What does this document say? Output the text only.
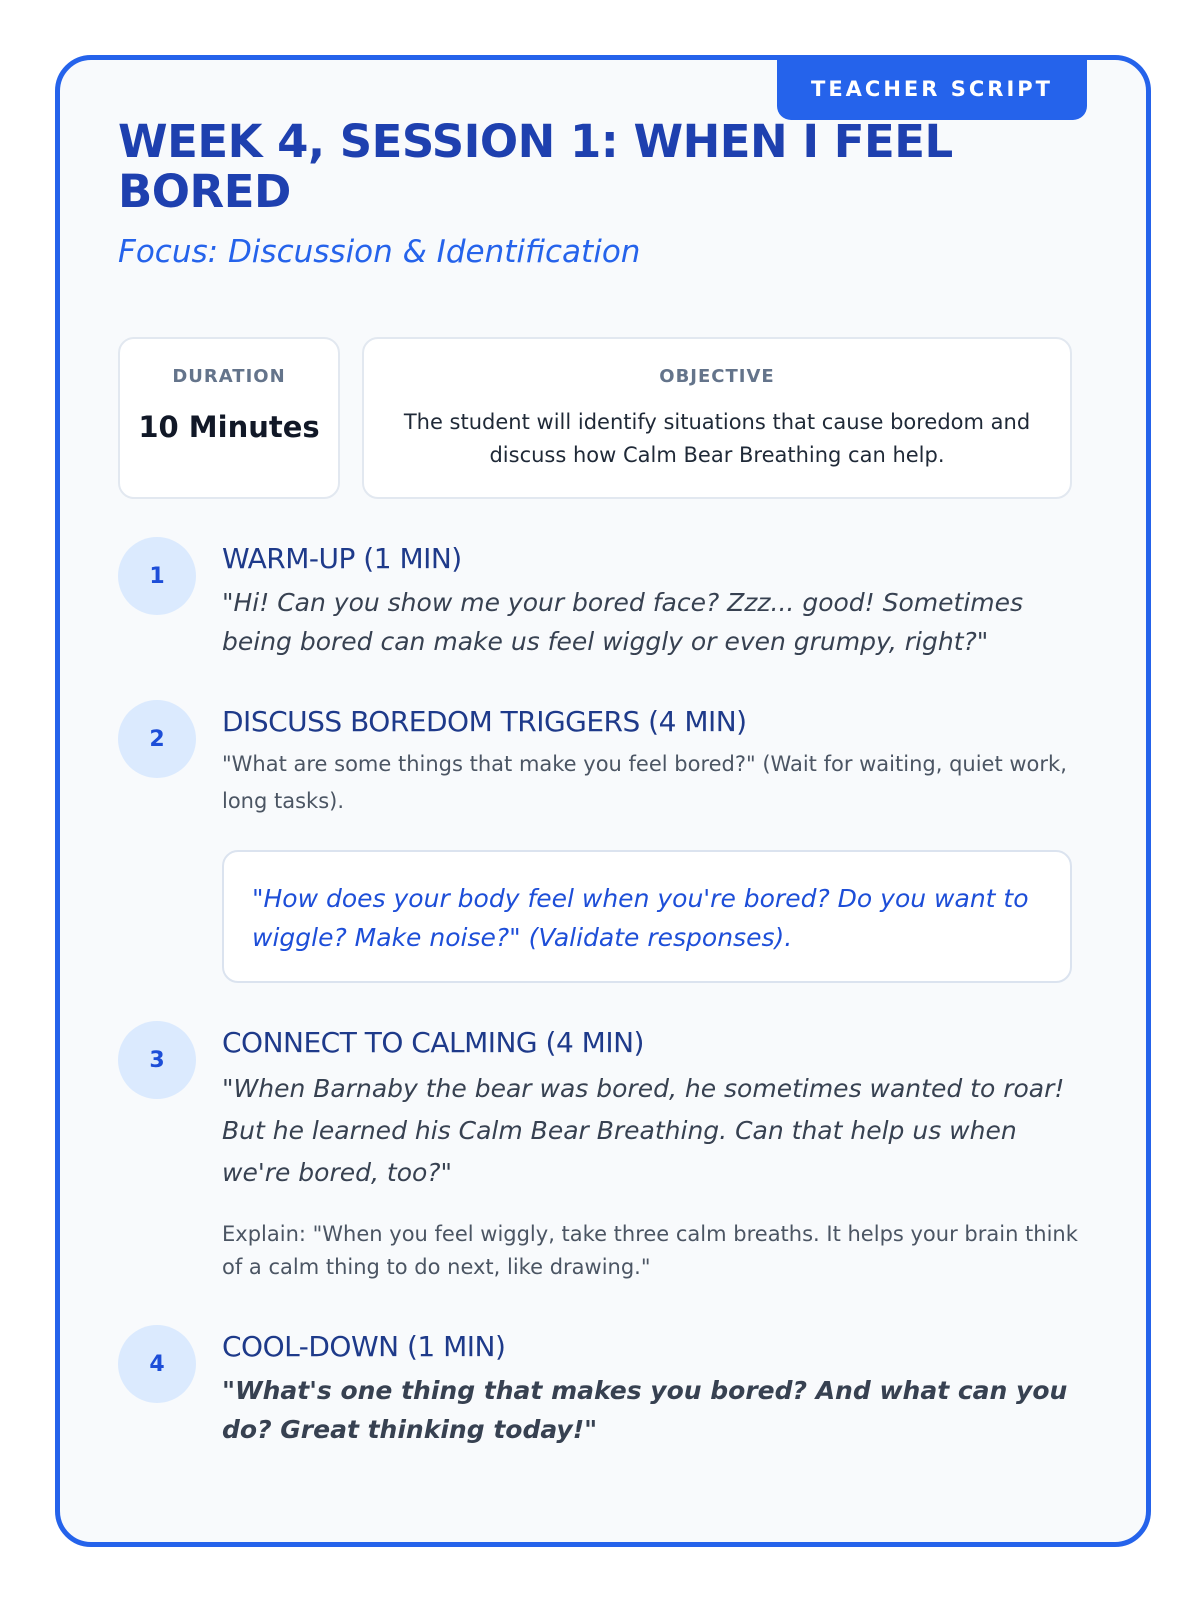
TEACHER SCRIPT
WEEK 4, SESSION 1: WHEN I FEEL BORED
Focus: Discussion & Identification
DURATION
10 Minutes
OBJECTIVE
The student will identify situations that cause boredom and discuss how Calm Bear Breathing can help.
1
WARM-UP (1 MIN)
"Hi! Can you show me your bored face? Zzz... good! Sometimes being bored can make us feel wiggly or even grumpy, right?"
2
DISCUSS BOREDOM TRIGGERS (4 MIN)
"What are some things that make you feel bored?" (Wait for waiting, quiet work, long tasks).
"How does your body feel when you're bored? Do you want to wiggle? Make noise?" (Validate responses).
3
CONNECT TO CALMING (4 MIN)
"When Barnaby the bear was bored, he sometimes wanted to roar! But he learned his Calm Bear Breathing. Can that help us when we're bored, too?"
Explain: "When you feel wiggly, take three calm breaths. It helps your brain think of a calm thing to do next, like drawing."
4
COOL-DOWN (1 MIN)
"What's one thing that makes you bored? And what can you do? Great thinking today!"
